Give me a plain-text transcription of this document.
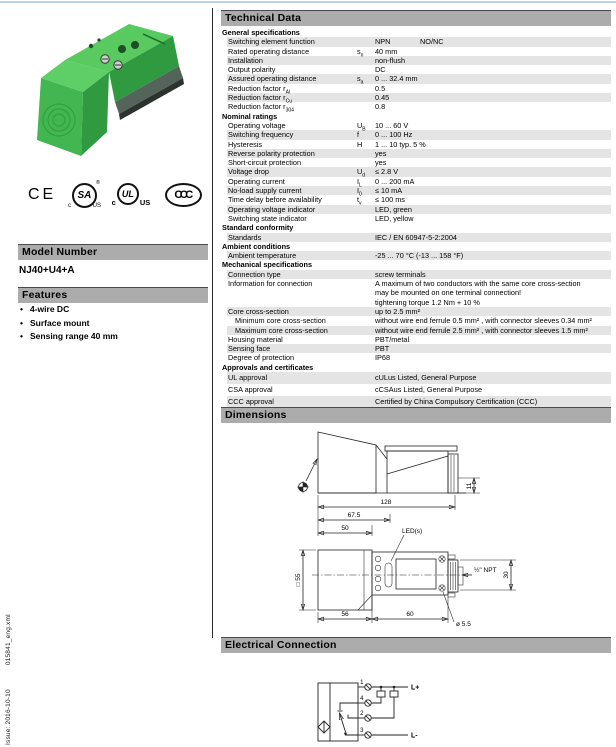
CE	SA
®
c	US c
UL
US
CCC
Model Number
NJ40+U4+A
Features
• 4-wire DC
• Surface mount
• Sensing range 40 mm
Issue: 2016-10-10            015841_eng.xml
Technical Data
General specifications
Switching element function	NPN	NO/NC
Rated operating distance	$s_n$	40 mm
Installation	non-flush
Output polarity	DC
Assured operating distance	$s_a$	0 ... 32.4 mm
Reduction factor $r_{Al}$	0.5
Reduction factor $r_{Cu}$	0.45
Reduction factor $r_{304}$	0.8
Nominal ratings
Operating voltage	$U_B$	10 ... 60 V
Switching frequency	f	0 ... 100 Hz
Hysteresis	H	1 ... 10 typ. 5 %
Reverse polarity protection	yes
Short-circuit protection	yes
Voltage drop	$U_d$	≤ 2.8 V
Operating current	$I_L$	0 ... 200 mA
No-load supply current	$I_0$	≤ 10 mA
Time delay before availability	$t_v$	≤ 100 ms
Operating voltage indicator	LED, green
Switching state indicator	LED, yellow
Standard conformity
Standards	IEC / EN 60947-5-2:2004
Ambient conditions
Ambient temperature	-25 ... 70 °C (-13 ... 158 °F)
Mechanical specifications
Connection type	screw terminals
Information for connection	A maximum of two conductors with the same core cross-section
may be mounted on one terminal connection!
tightening torque 1.2 Nm + 10 %
Core cross-section	up to 2.5 mm²
Minimum core cross-section	without wire end ferrule 0.5 mm² , with connector sleeves 0.34 mm²
Maximum core cross-section	without wire end ferrule 2.5 mm² , with connector sleeves 1.5 mm²
Housing material	PBT/metal
Sensing face	PBT
Degree of protection	IP68
Approvals and certificates
UL approval	cULus Listed, General Purpose
CSA approval	cCSAus Listed, General Purpose
CCC approval	Certified by China Compulsory Certification (CCC)
Dimensions
11
128
67.5
50	LED(s)
½" NPT
30
□ 55
56	60
ø 5.5
Electrical Connection
1
4
2
3
L+
L-
